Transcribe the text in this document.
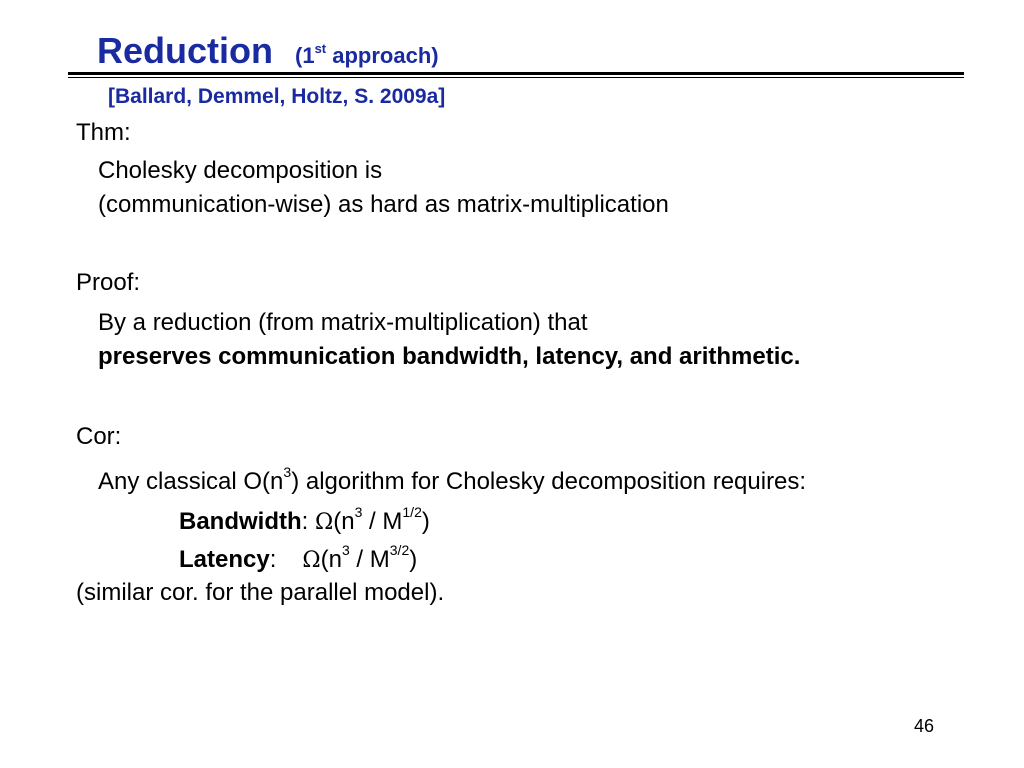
Reduction (1st approach)
[Ballard, Demmel, Holtz, S. 2009a]
Thm:
Cholesky decomposition is
(communication-wise) as hard as matrix-multiplication
Proof:
By a reduction (from matrix-multiplication) that
preserves communication bandwidth, latency, and arithmetic.
Cor:
Any classical $O(n^3)$ algorithm for Cholesky decomposition requires:
Bandwidth: $\Omega(n^3 / M^{1/2})$
Latency: $\Omega(n^3 / M^{3/2})$
(similar cor. for the parallel model).
46
